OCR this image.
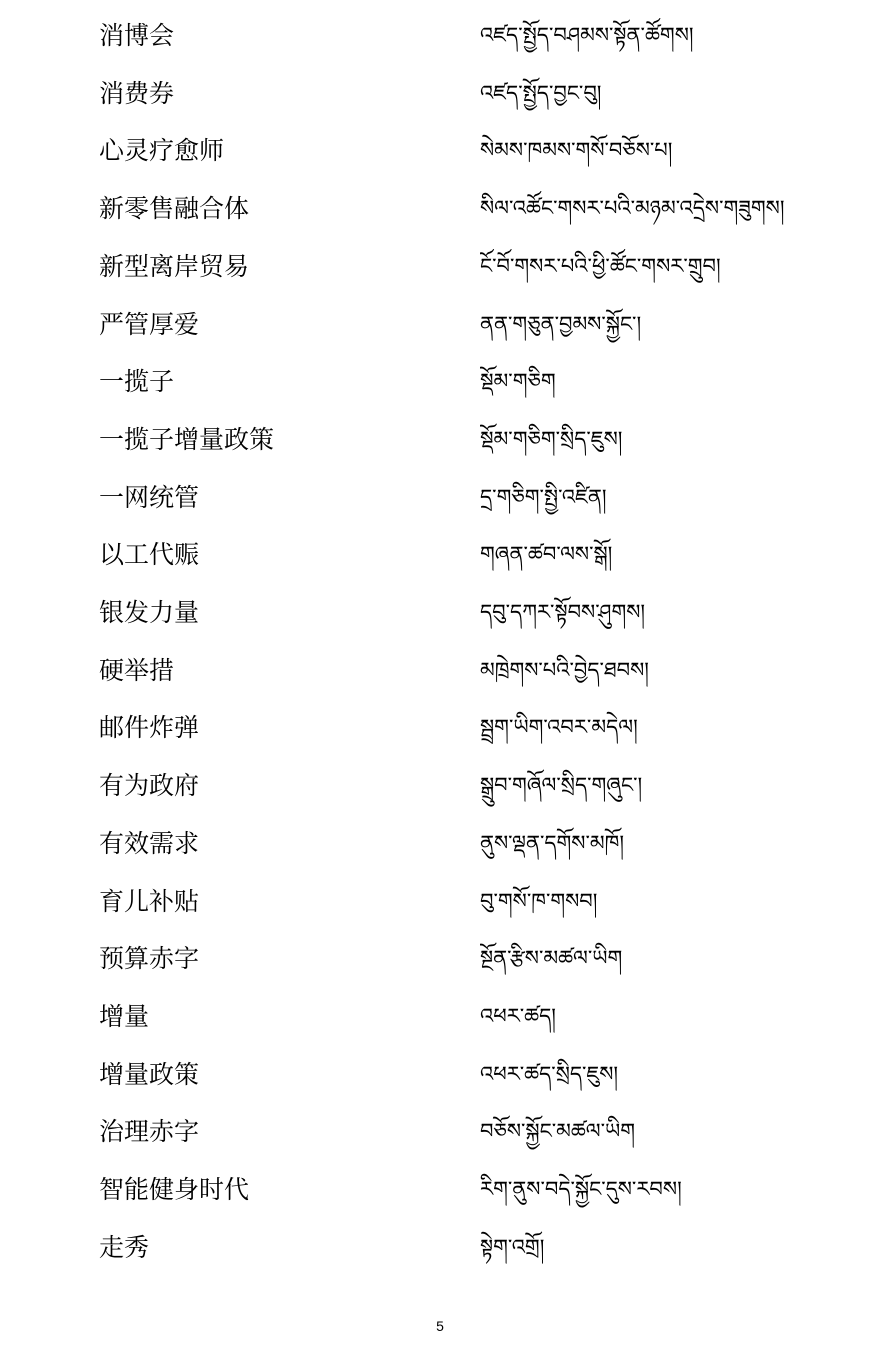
消博会	འཛད་སྤྱོད་བཤམས་སྟོན་ཚོགས།
消费券	འཛད་སྤྱོད་བྱང་བུ།
心灵疗愈师	སེམས་ཁམས་གསོ་བཅོས་པ།
新零售融合体	སིལ་འཚོང་གསར་པའི་མཉམ་འདྲེས་གཟུགས།
新型离岸贸易	ངོ་བོ་གསར་པའི་ཕྱི་ཚོང་གསར་གྲུབ།
严管厚爱	ནན་གཅུན་བྱམས་སྐྱོང་།
一揽子	སྡོམ་གཅིག
一揽子增量政策	སྡོམ་གཅིག་སྲིད་ཇུས།
一网统管	དྲ་གཅིག་སྤྱི་འཛིན།
以工代赈	གཞན་ཚབ་ལས་སྒོ།
银发力量	དབུ་དཀར་སྟོབས་ཤུགས།
硬举措	མཁྲེགས་པའི་བྱེད་ཐབས།
邮件炸弹	སྦྲག་ཡིག་འབར་མདེལ།
有为政府	སྒྲུབ་གཞོལ་སྲིད་གཞུང་།
有效需求	ནུས་ལྡན་དགོས་མཁོ།
育儿补贴	བུ་གསོ་ཁ་གསབ།
预算赤字	སྔོན་རྩིས་མཚལ་ཡིག
增量	འཕར་ཚད།
增量政策	འཕར་ཚད་སྲིད་ཇུས།
治理赤字	བཅོས་སྐྱོང་མཚལ་ཡིག
智能健身时代	རིག་ནུས་བདེ་སྐྱོང་དུས་རབས།
走秀	སྟེག་འགྲོ།
5
